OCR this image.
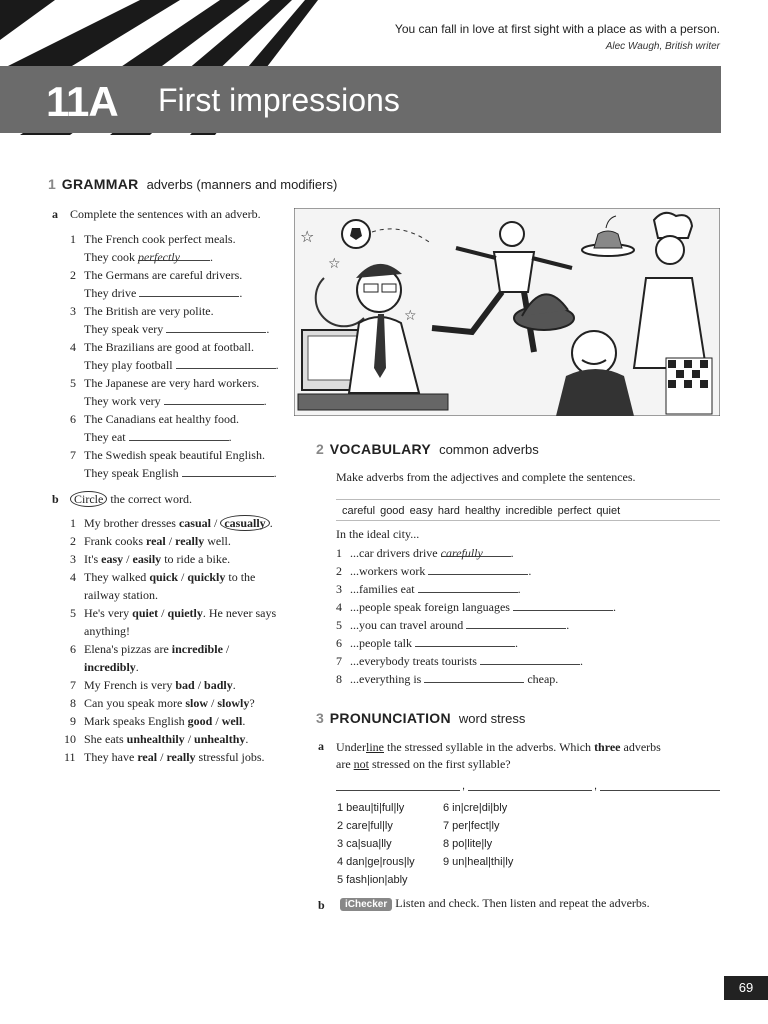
You can fall in love at first sight with a place as with a person.
Alec Waugh, British writer
11A First impressions
1 GRAMMAR adverbs (manners and modifiers)
a Complete the sentences with an adverb.
1 The French cook perfect meals.
They cook perfectly	.
2 The Germans are careful drivers.
They drive	.
3 The British are very polite.
They speak very	.
4 The Brazilians are good at football.
They play football	.
5 The Japanese are very hard workers.
They work very	.
6 The Canadians eat healthy food.
They eat	.
7 The Swedish speak beautiful English.
They speak English	.
b	Circle the correct word.
1 My brother dresses casual / casually .
2 Frank cooks real / really well.
3 It's easy / easily to ride a bike.
4 They walked quick / quickly to the
railway station.
5 He's very quiet / quietly. He never says
anything!
6 Elena's pizzas are incredible /
incredibly.
7 My French is very bad / badly.
8 Can you speak more slow / slowly?
9 Mark speaks English good / well.
10 She eats unhealthily / unhealthy.
11 They have real / really stressful jobs.
☆
☆
☆
2 VOCABULARY common adverbs
Make adverbs from the adjectives and complete the sentences.
careful good easy hard healthy incredible perfect quiet
In the ideal city...
1 ...car drivers drive carefully .
2 ...workers work	.
3 ...families eat	.
4 ...people speak foreign languages	.
5 ...you can travel around	.
6 ...people talk	.
7 ...everybody treats tourists	.
8 ...everything is	cheap.
3 PRONUNCIATION word stress
a Underline the stressed syllable in the adverbs. Which three adverbs
are not stressed on the first syllable?
,	,
1 beau|ti|ful|ly
2 care|ful|ly
3 ca|sua|lly
4 dan|ge|rous|ly
5 fash|ion|ably
6 in|cre|di|bly
7 per|fect|ly
8 po|lite|ly
9 un|heal|thi|ly
b	iChecker Listen and check. Then listen and repeat the adverbs.
69
